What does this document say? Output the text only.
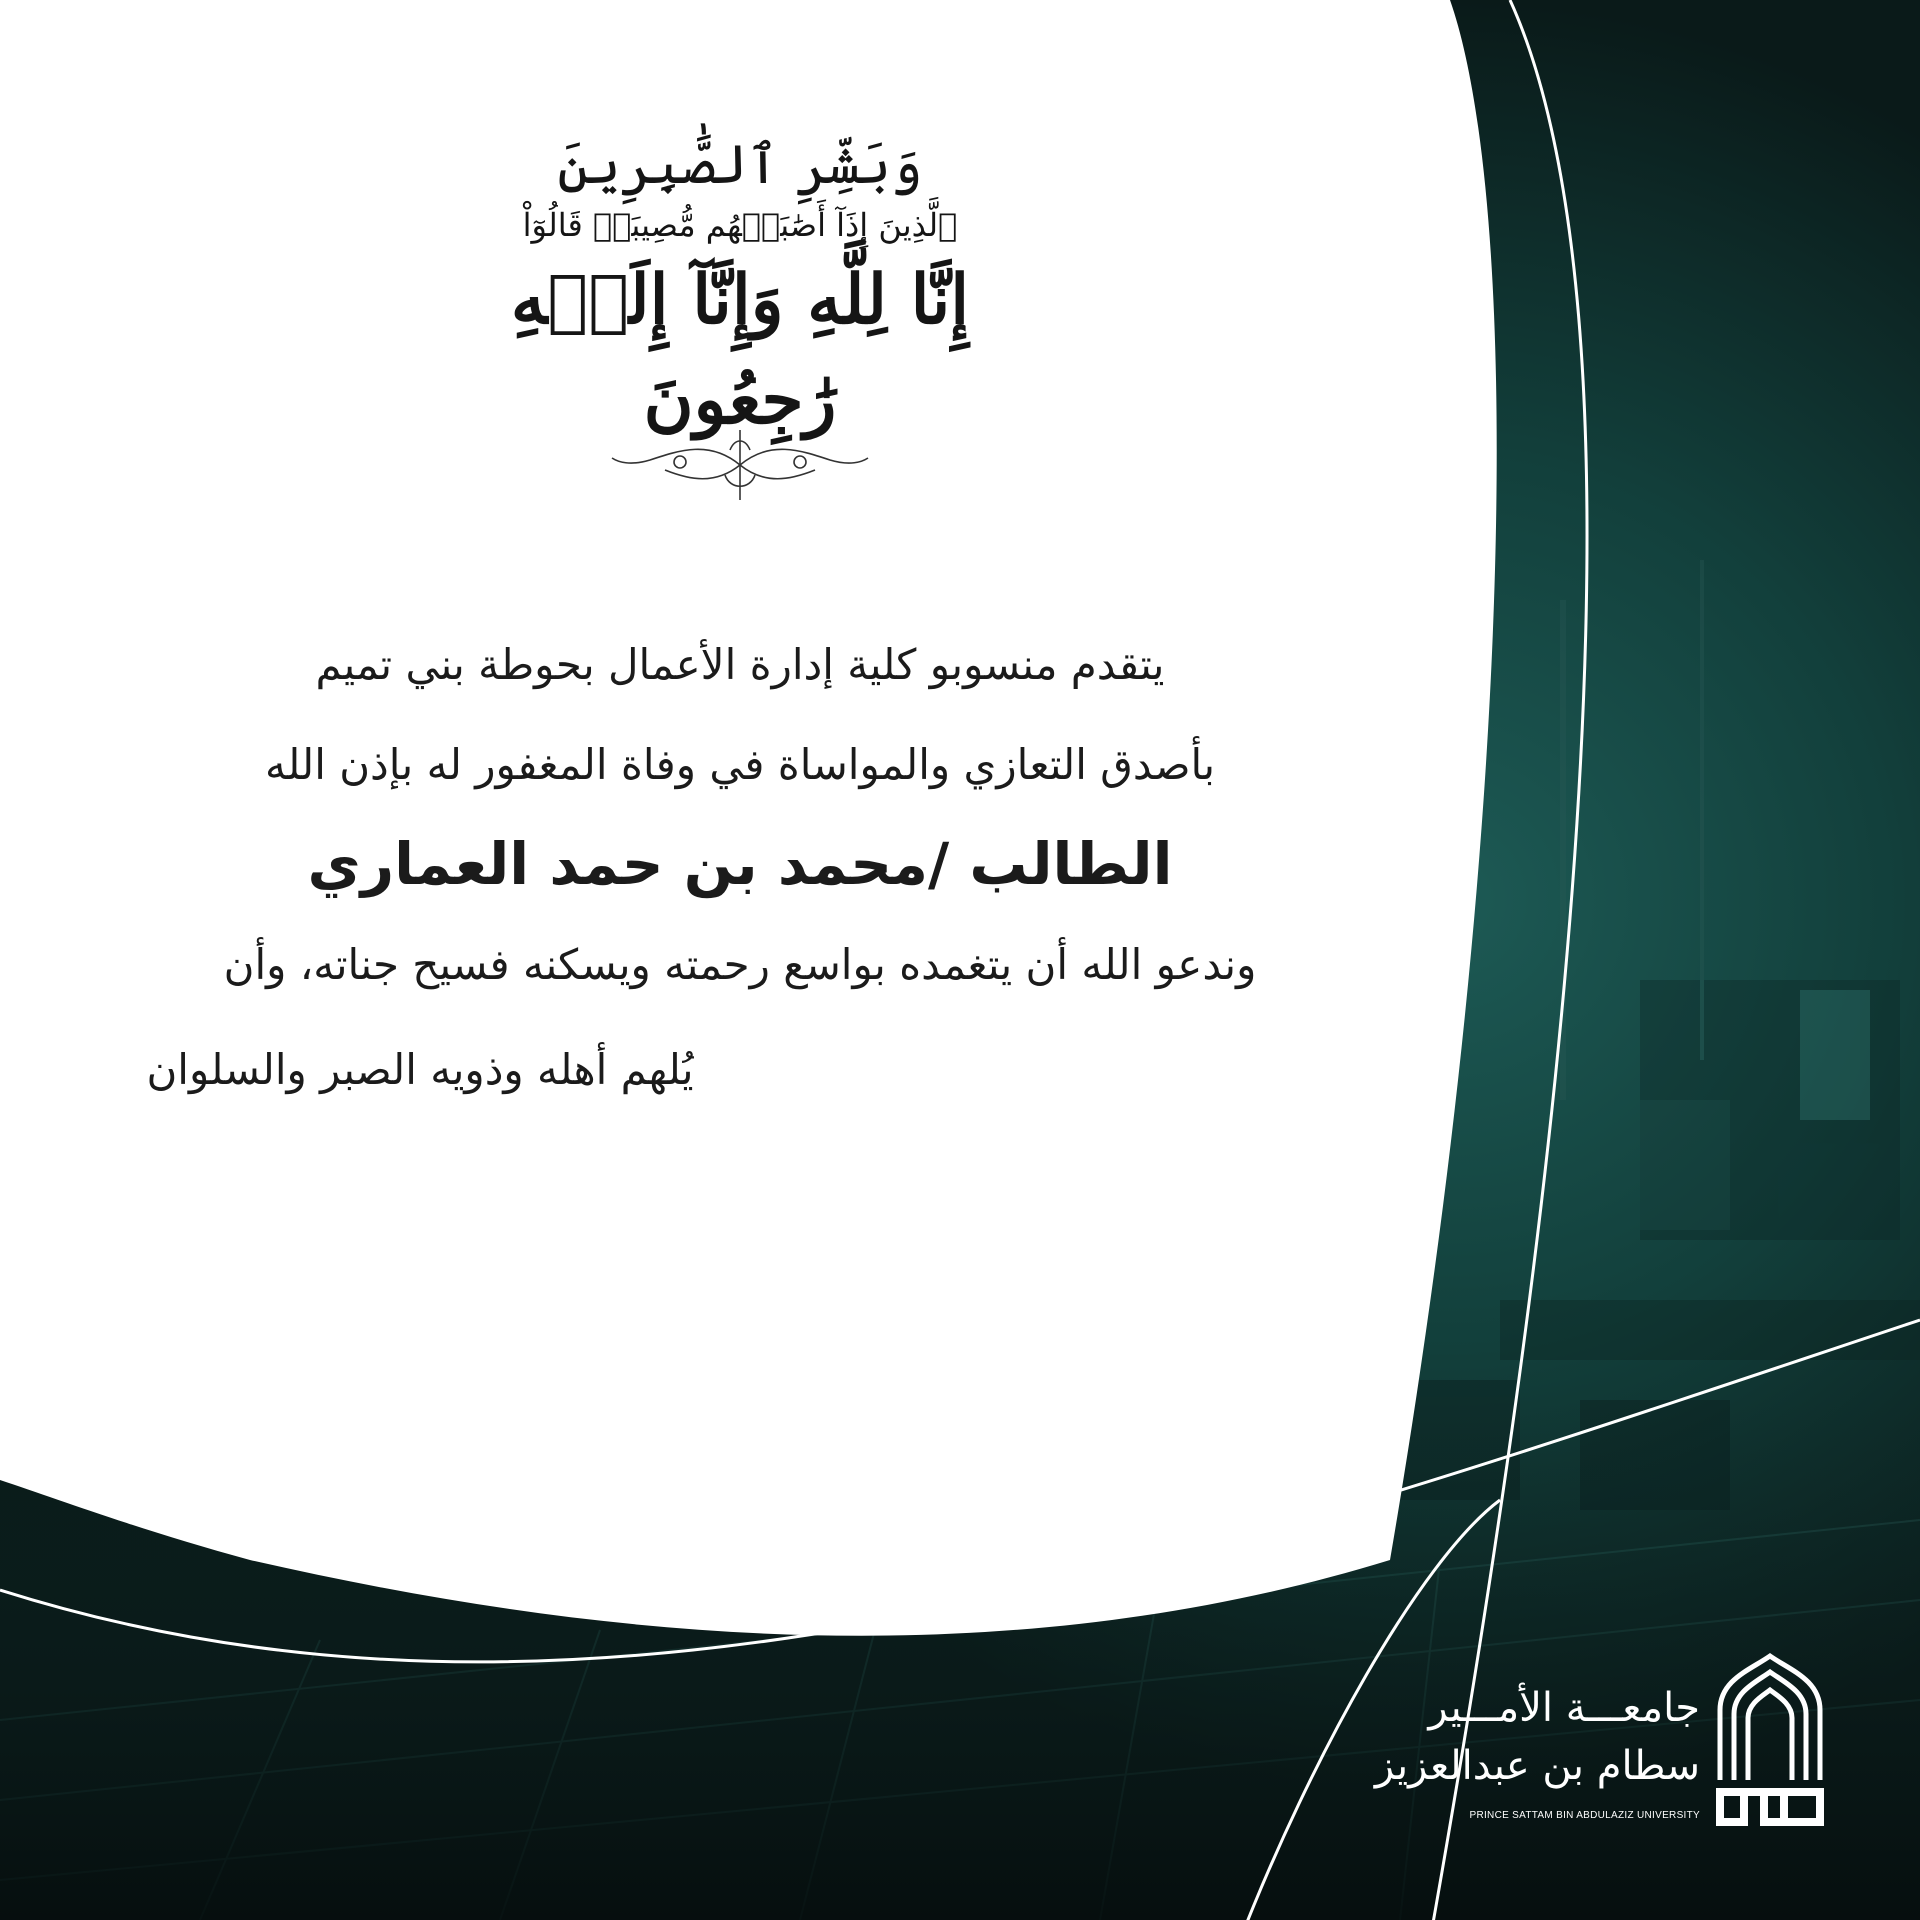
وَبَشِّرِ ٱلصَّٰبِرِينَ

ٱلَّذِينَ إِذَآ أَصَٰبَتۡهُم مُّصِيبَةٞ قَالُوٓاْ

إِنَّا لِلَّهِ وَإِنَّآ إِلَيۡهِ رَٰجِعُونَ

يتقدم منسوبو كلية إدارة الأعمال بحوطة بني تميم

بأصدق التعازي والمواساة في وفاة المغفور له بإذن الله

الطالب /محمد بن حمد العماري

وندعو الله أن يتغمده بواسع رحمته ويسكنه فسيح جناته، وأن

يُلهم أهله وذويه الصبر والسلوان

جامعـــة الأمـــير

سطام بن عبدالعزيز

PRINCE SATTAM BIN ABDULAZIZ UNIVERSITY
